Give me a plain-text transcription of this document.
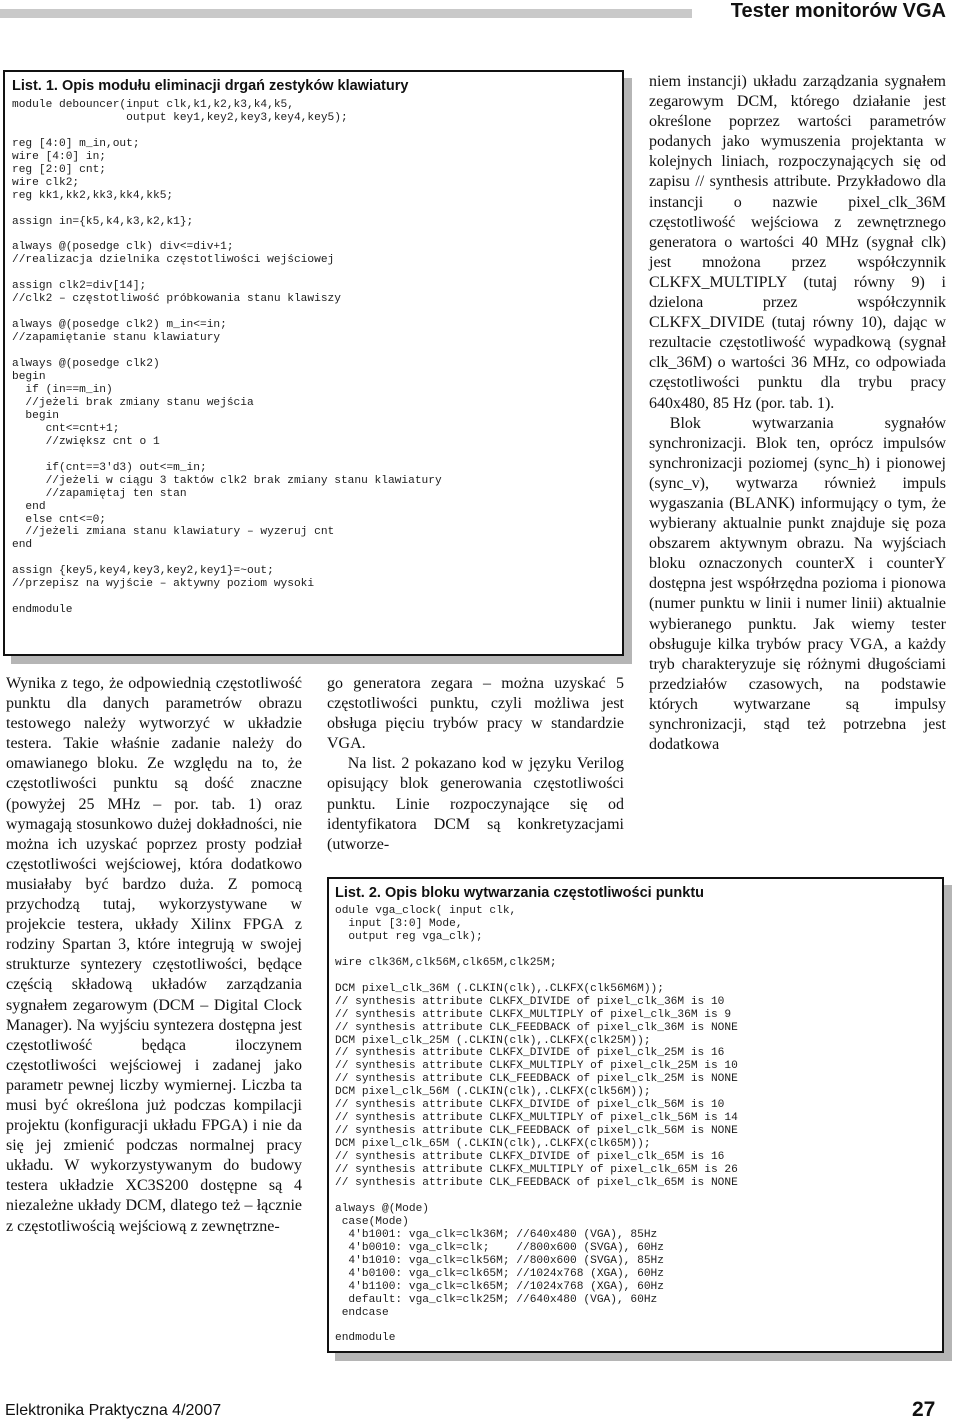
Tester monitorów VGA
List. 1. Opis modułu eliminacji drgań zestyków klawiatury
module debouncer(input clk,k1,k2,k3,k4,k5,
output key1,key2,key3,key4,key5);

reg [4:0] m_in,out;
wire [4:0] in;
reg [2:0] cnt;
wire clk2;
reg kk1,kk2,kk3,kk4,kk5;

assign in={k5,k4,k3,k2,k1};

always @(posedge clk) div<=div+1;
//realizacja dzielnika częstotliwości wejściowej

assign clk2=div[14];
//clk2 – częstotliwość próbkowania stanu klawiszy

always @(posedge clk2) m_in<=in;
//zapamiętanie stanu klawiatury

always @(posedge clk2)
begin
if (in==m_in)
//jeżeli brak zmiany stanu wejścia
begin
cnt<=cnt+1;
//zwiększ cnt o 1

if(cnt==3'd3) out<=m_in;
//jeżeli w ciągu 3 taktów clk2 brak zmiany stanu klawiatury
//zapamiętaj ten stan
end
else cnt<=0;
//jeżeli zmiana stanu klawiatury – wyzeruj cnt
end

assign {key5,key4,key3,key2,key1}=~out;
//przepisz na wyjście – aktywny poziom wysoki

endmodule

Wynika z tego, że odpowiednią częstotliwość punktu dla danych parametrów obrazu testowego należy wytworzyć w układzie testera. Takie właśnie zadanie należy do omawianego bloku. Ze względu na to, że częstotliwości punktu są dość znaczne (powyżej 25 MHz – por. tab. 1) oraz wymagają stosunkowo dużej dokładności, nie można ich uzyskać poprzez prosty podział częstotliwości wejściowej, która dodatkowo musiałaby być bardzo duża. Z pomocą przychodzą tutaj, wykorzystywane w projekcie testera, układy Xilinx FPGA z rodziny Spartan 3, które integrują w swojej strukturze syntezery częstotliwości, będące częścią składową układów zarządzania sygnałem zegarowym (DCM – Digital Clock Manager). Na wyjściu syntezera dostępna jest częstotliwość będąca iloczynem częstotliwości wejściowej i zadanej jako parametr pewnej liczby wymiernej. Liczba ta musi być określona już podczas kompilacji projektu (konfiguracji układu FPGA) i nie da się jej zmienić podczas normalnej pracy układu. W wykorzystywanym do budowy testera układzie XC3S200 dostępne są 4 niezależne układy DCM, dlatego też – łącznie z częstotliwością wejściową z zewnętrzne-

go generatora zegara – można uzyskać 5 częstotliwości punktu, czyli możliwa jest obsługa pięciu trybów pracy w standardzie VGA.

Na list. 2 pokazano kod w języku Verilog opisujący blok generowania częstotliwości punktu. Linie rozpoczynające się od identyfikatora DCM są konkretyzacjami (utworze-

niem instancji) układu zarządzania sygnałem zegarowym DCM, którego działanie jest określone poprzez wartości parametrów podanych jako wymuszenia projektanta w kolejnych liniach, rozpoczynających się od zapisu // synthesis attribute. Przykładowo dla instancji o nazwie pixel_clk_36M częstotliwość wejściowa z zewnętrznego generatora o wartości 40 MHz (sygnał clk) jest mnożona przez współczynnik CLKFX_MULTIPLY (tutaj równy 9) i dzielona przez współczynnik CLKFX_DIVIDE (tutaj równy 10), dając w rezultacie częstotliwość wypadkową (sygnał clk_36M) o wartości 36 MHz, co odpowiada częstotliwości punktu dla trybu pracy 640x480, 85 Hz (por. tab. 1).

Blok wytwarzania sygnałów synchronizacji. Blok ten, oprócz impulsów synchronizacji poziomej (sync_h) i pionowej (sync_v), wytwarza również impuls wygaszania (BLANK) informujący o tym, że wybierany aktualnie punkt znajduje się poza obszarem aktywnym obrazu. Na wyjściach bloku oznaczonych counterX i counterY dostępna jest współrzędna pozioma i pionowa (numer punktu w linii i numer linii) aktualnie wybieranego punktu. Jak wiemy tester obsługuje kilka trybów pracy VGA, a każdy tryb charakteryzuje się różnymi długościami przedziałów czasowych, na podstawie których wytwarzane są impulsy synchronizacji, stąd też potrzebna jest dodatkowa

List. 2. Opis bloku wytwarzania częstotliwości punktu
odule vga_clock( input clk,
input [3:0] Mode,
output reg vga_clk);

wire clk36M,clk56M,clk65M,clk25M;

DCM pixel_clk_36M (.CLKIN(clk),.CLKFX(clk56M6M));
// synthesis attribute CLKFX_DIVIDE of pixel_clk_36M is 10
// synthesis attribute CLKFX_MULTIPLY of pixel_clk_36M is 9
// synthesis attribute CLK_FEEDBACK of pixel_clk_36M is NONE
DCM pixel_clk_25M (.CLKIN(clk),.CLKFX(clk25M));
// synthesis attribute CLKFX_DIVIDE of pixel_clk_25M is 16
// synthesis attribute CLKFX_MULTIPLY of pixel_clk_25M is 10
// synthesis attribute CLK_FEEDBACK of pixel_clk_25M is NONE
DCM pixel_clk_56M (.CLKIN(clk),.CLKFX(clk56M));
// synthesis attribute CLKFX_DIVIDE of pixel_clk_56M is 10
// synthesis attribute CLKFX_MULTIPLY of pixel_clk_56M is 14
// synthesis attribute CLK_FEEDBACK of pixel_clk_56M is NONE
DCM pixel_clk_65M (.CLKIN(clk),.CLKFX(clk65M));
// synthesis attribute CLKFX_DIVIDE of pixel_clk_65M is 16
// synthesis attribute CLKFX_MULTIPLY of pixel_clk_65M is 26
// synthesis attribute CLK_FEEDBACK of pixel_clk_65M is NONE

always @(Mode)
case(Mode)
4'b1001: vga_clk=clk36M; //640x480 (VGA), 85Hz
4'b0010: vga_clk=clk;    //800x600 (SVGA), 60Hz
4'b1010: vga_clk=clk56M; //800x600 (SVGA), 85Hz
4'b0100: vga_clk=clk65M; //1024x768 (XGA), 60Hz
4'b1100: vga_clk=clk65M; //1024x768 (XGA), 60Hz
default: vga_clk=clk25M; //640x480 (VGA), 60Hz
endcase

endmodule
Elektronika Praktyczna 4/2007	27
